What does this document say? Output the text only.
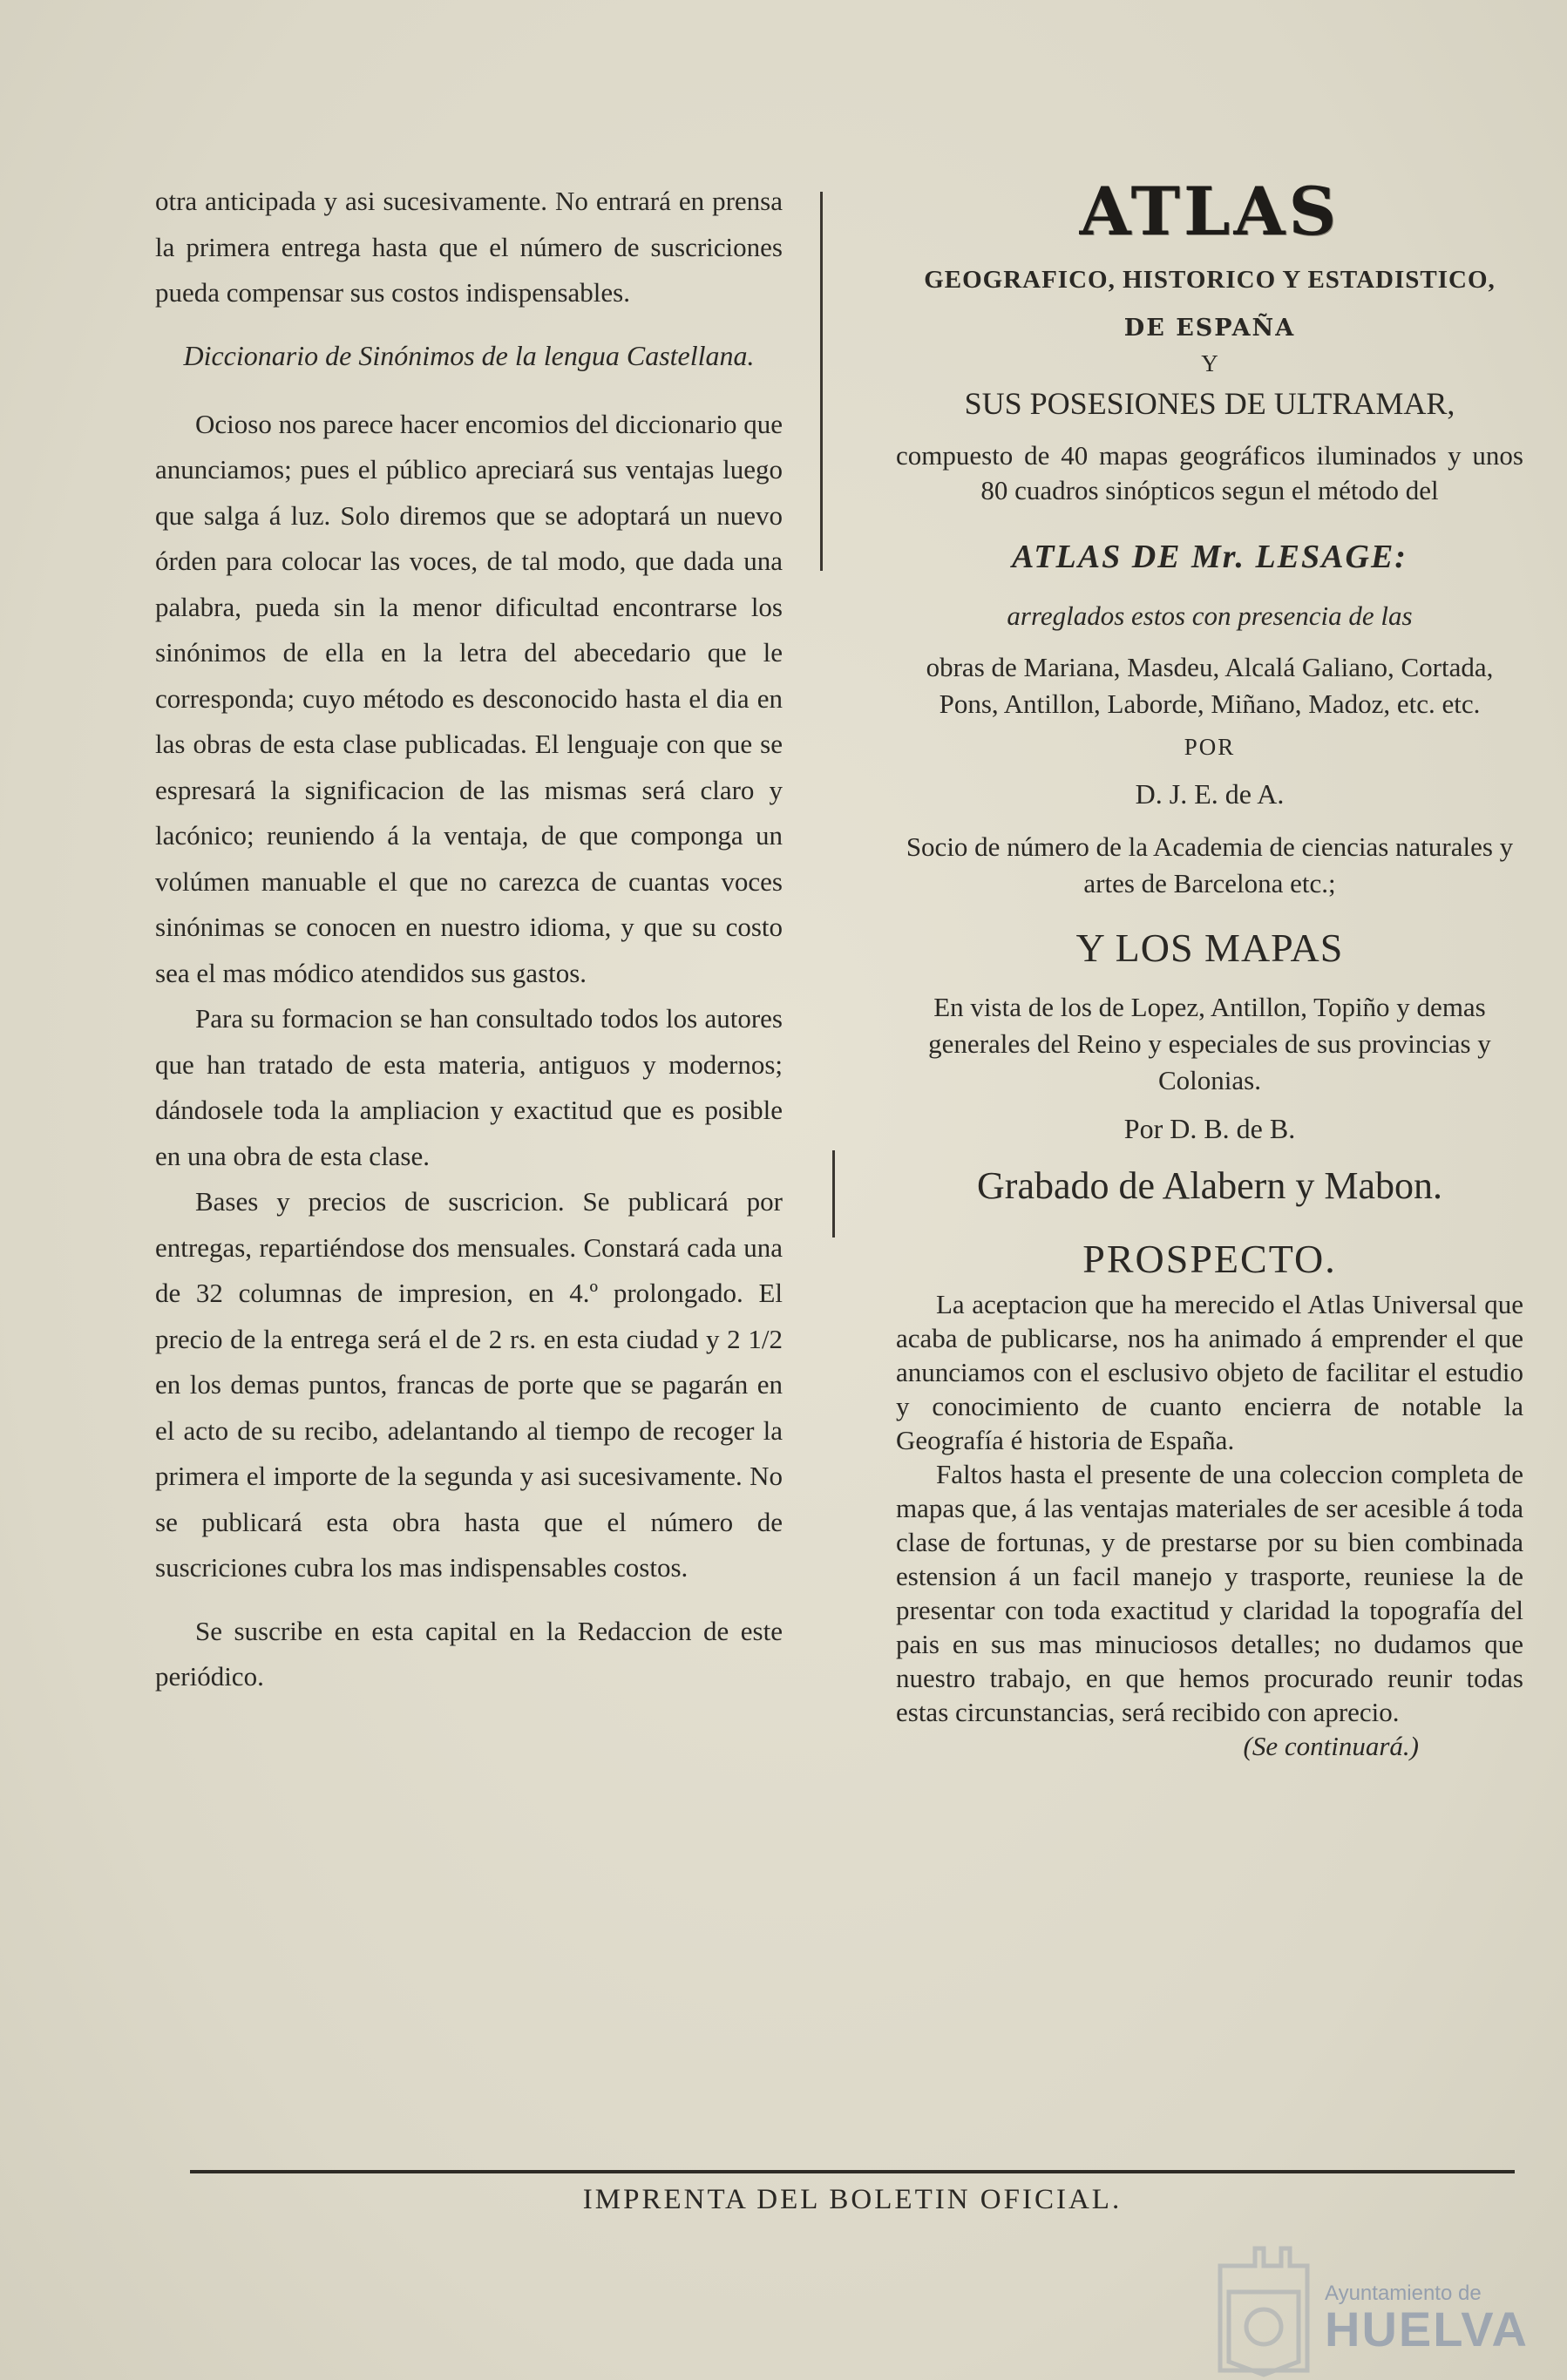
otra anticipada y asi sucesivamente. No entrará en prensa la primera entrega hasta que el número de suscriciones pueda compensar sus costos indispensables.

Diccionario de Sinónimos de la lengua Castellana.

Ocioso nos parece hacer encomios del diccionario que anunciamos; pues el público apreciará sus ventajas luego que salga á luz. Solo diremos que se adoptará un nuevo órden para colocar las voces, de tal modo, que dada una palabra, pueda sin la menor dificultad encontrarse los sinónimos de ella en la letra del abecedario que le corresponda; cuyo método es desconocido hasta el dia en las obras de esta clase publicadas. El lenguaje con que se espresará la significacion de las mismas será claro y lacónico; reuniendo á la ventaja, de que componga un volúmen manuable el que no carezca de cuantas voces sinónimas se conocen en nuestro idioma, y que su costo sea el mas módico atendidos sus gastos.

Para su formacion se han consultado todos los autores que han tratado de esta materia, antiguos y modernos; dándosele toda la ampliacion y exactitud que es posible en una obra de esta clase.

Bases y precios de suscricion. Se publicará por entregas, repartiéndose dos mensuales. Constará cada una de 32 columnas de impresion, en 4.º prolongado. El precio de la entrega será el de 2 rs. en esta ciudad y 2 1/2 en los demas puntos, francas de porte que se pagarán en el acto de su recibo, adelantando al tiempo de recoger la primera el importe de la segunda y asi sucesivamente. No se publicará esta obra hasta que el número de suscriciones cubra los mas indispensables costos.

Se suscribe en esta capital en la Redaccion de este periódico.

ATLAS

GEOGRAFICO, HISTORICO Y ESTADISTICO,

DE ESPAÑA

Y

SUS POSESIONES DE ULTRAMAR,

compuesto de 40 mapas geográficos iluminados y unos 80 cuadros sinópticos segun el método del

ATLAS DE Mr. LESAGE:

arreglados estos con presencia de las

obras de Mariana, Masdeu, Alcalá Galiano, Cortada, Pons, Antillon, Laborde, Miñano, Madoz, etc. etc.

POR

D. J. E. de A.

Socio de número de la Academia de ciencias naturales y artes de Barcelona etc.;

Y LOS MAPAS

En vista de los de Lopez, Antillon, Topiño y demas generales del Reino y especiales de sus provincias y Colonias.

Por D. B. de B.

Grabado de Alabern y Mabon.

PROSPECTO.

La aceptacion que ha merecido el Atlas Universal que acaba de publicarse, nos ha animado á emprender el que anunciamos con el esclusivo objeto de facilitar el estudio y conocimiento de cuanto encierra de notable la Geografía é historia de España.

Faltos hasta el presente de una coleccion completa de mapas que, á las ventajas materiales de ser acesible á toda clase de fortunas, y de prestarse por su bien combinada estension á un facil manejo y trasporte, reuniese la de presentar con toda exactitud y claridad la topografía del pais en sus mas minuciosos detalles; no dudamos que nuestro trabajo, en que hemos procurado reunir todas estas circunstancias, será recibido con aprecio.

(Se continuará.)

IMPRENTA DEL BOLETIN OFICIAL.
Ayuntamiento de
HUELVA
